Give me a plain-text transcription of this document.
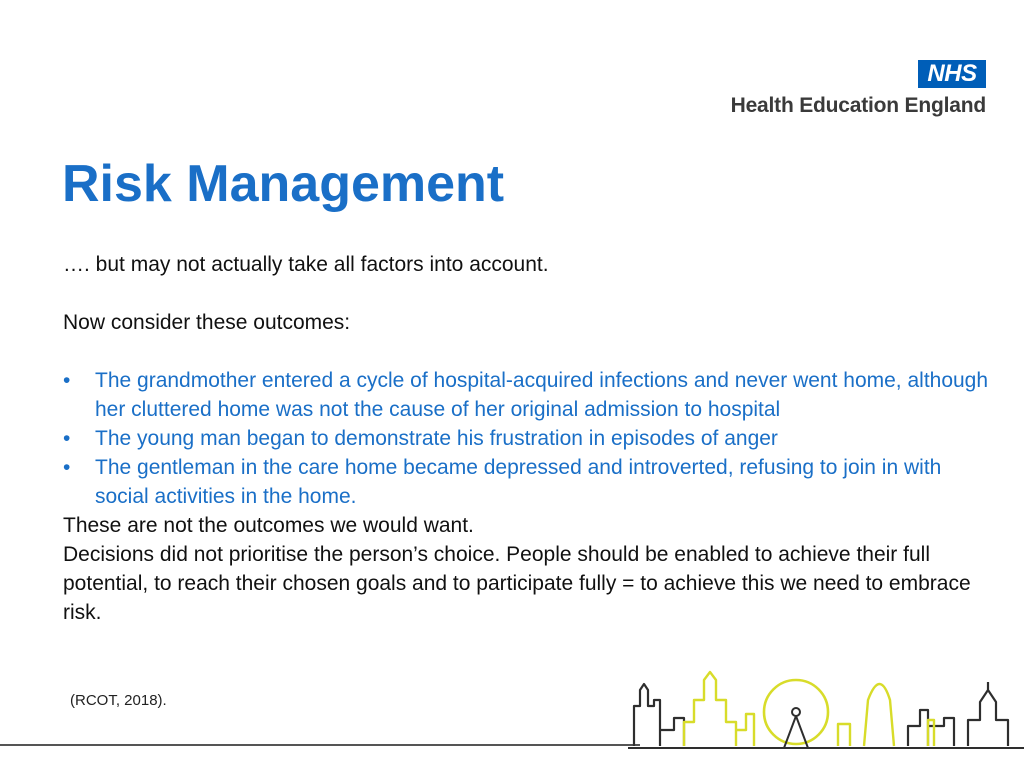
NHS
Health Education England
Risk Management

…. but may not actually take all factors into account.

Now consider these outcomes:

• The grandmother entered a cycle of hospital-acquired infections and never went home, although her cluttered home was not the cause of her original admission to hospital
• The young man began to demonstrate his frustration in episodes of anger
• The gentleman in the care home became depressed and introverted, refusing to join in with social activities in the home.

These are not the outcomes we would want.

Decisions did not prioritise the person’s choice. People should be enabled to achieve their full potential, to reach their chosen goals and to participate fully = to achieve this we need to embrace risk.

(RCOT, 2018).
